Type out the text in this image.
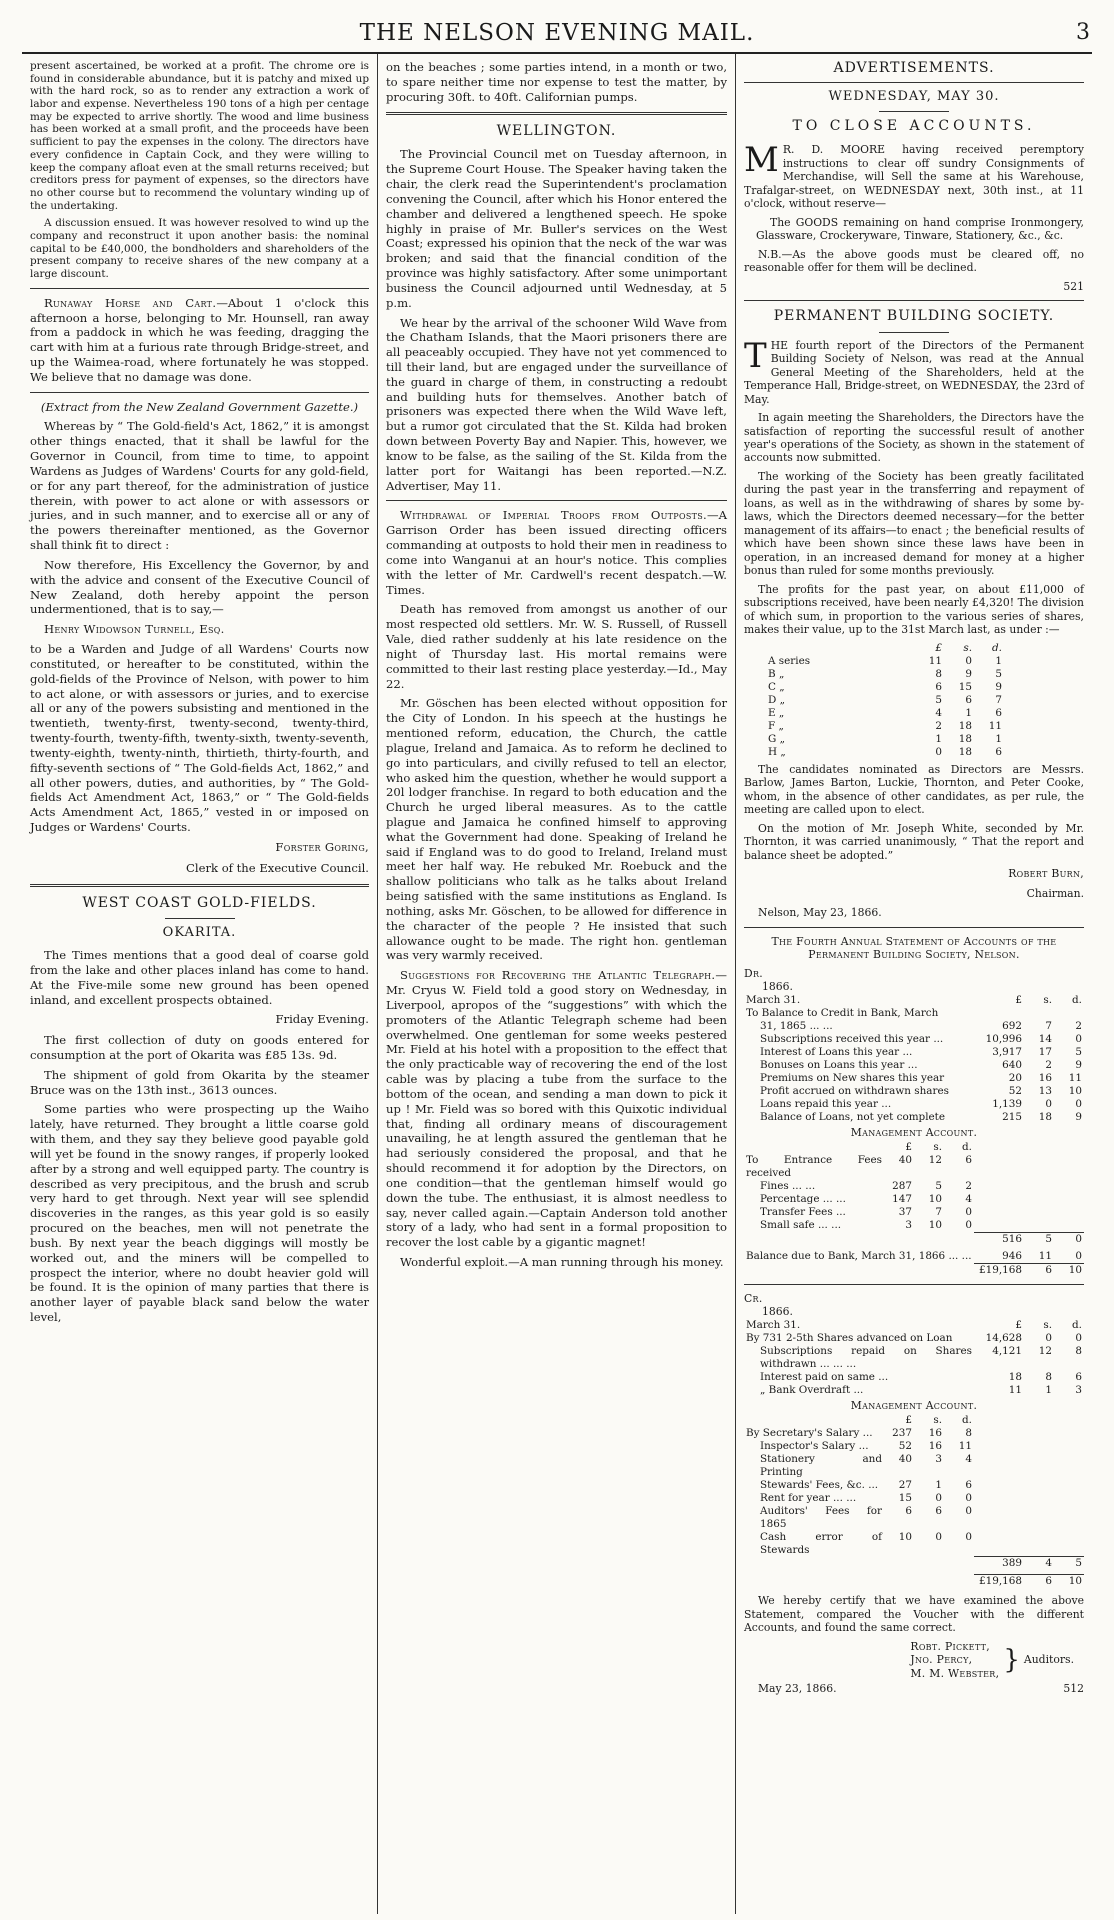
THE NELSON EVENING MAIL.	3

present ascertained, be worked at a profit. The chrome ore is found in considerable abundance, but it is patchy and mixed up with the hard rock, so as to render any extraction a work of labor and expense. Nevertheless 190 tons of a high per centage may be expected to arrive shortly. The wood and lime business has been worked at a small profit, and the proceeds have been sufficient to pay the expenses in the colony. The directors have every confidence in Captain Cock, and they were willing to keep the company afloat even at the small returns received; but creditors press for payment of expenses, so the directors have no other course but to recommend the voluntary winding up of the undertaking.

A discussion ensued. It was however resolved to wind up the company and reconstruct it upon another basis: the nominal capital to be £40,000, the bondholders and shareholders of the present company to receive shares of the new company at a large discount.

Runaway Horse and Cart.—About 1 o'clock this afternoon a horse, belonging to Mr. Hounsell, ran away from a paddock in which he was feeding, dragging the cart with him at a furious rate through Bridge-street, and up the Waimea-road, where fortunately he was stopped. We believe that no damage was done.

(Extract from the New Zealand Government Gazette.)

Whereas by “ The Gold-field's Act, 1862,” it is amongst other things enacted, that it shall be lawful for the Governor in Council, from time to time, to appoint Wardens as Judges of Wardens' Courts for any gold-field, or for any part thereof, for the administration of justice therein, with power to act alone or with assessors or juries, and in such manner, and to exercise all or any of the powers thereinafter mentioned, as the Governor shall think fit to direct :

Now therefore, His Excellency the Governor, by and with the advice and consent of the Executive Council of New Zealand, doth hereby appoint the person undermentioned, that is to say,—

Henry Widowson Turnell, Esq.

to be a Warden and Judge of all Wardens' Courts now constituted, or hereafter to be constituted, within the gold-fields of the Province of Nelson, with power to him to act alone, or with assessors or juries, and to exercise all or any of the powers subsisting and mentioned in the twentieth, twenty-first, twenty-second, twenty-third, twenty-fourth, twenty-fifth, twenty-sixth, twenty-seventh, twenty-eighth, twenty-ninth, thirtieth, thirty-fourth, and fifty-seventh sections of “ The Gold-fields Act, 1862,” and all other powers, duties, and authorities, by “ The Gold-fields Act Amendment Act, 1863,” or “ The Gold-fields Acts Amendment Act, 1865,” vested in or imposed on Judges or Wardens' Courts.

Forster Goring,
Clerk of the Executive Council.
WEST COAST GOLD-FIELDS.
OKARITA.

The Times mentions that a good deal of coarse gold from the lake and other places inland has come to hand. At the Five-mile some new ground has been opened inland, and excellent prospects obtained.

Friday Evening.

The first collection of duty on goods entered for consumption at the port of Okarita was £85 13s. 9d.

The shipment of gold from Okarita by the steamer Bruce was on the 13th inst., 3613 ounces.

Some parties who were prospecting up the Waiho lately, have returned. They brought a little coarse gold with them, and they say they believe good payable gold will yet be found in the snowy ranges, if properly looked after by a strong and well equipped party. The country is described as very precipitous, and the brush and scrub very hard to get through. Next year will see splendid discoveries in the ranges, as this year gold is so easily procured on the beaches, men will not penetrate the bush. By next year the beach diggings will mostly be worked out, and the miners will be compelled to prospect the interior, where no doubt heavier gold will be found. It is the opinion of many parties that there is another layer of payable black sand below the water level,

on the beaches ; some parties intend, in a month or two, to spare neither time nor expense to test the matter, by procuring 30ft. to 40ft. Californian pumps.

WELLINGTON.

The Provincial Council met on Tuesday afternoon, in the Supreme Court House. The Speaker having taken the chair, the clerk read the Superintendent's proclamation convening the Council, after which his Honor entered the chamber and delivered a lengthened speech. He spoke highly in praise of Mr. Buller's services on the West Coast; expressed his opinion that the neck of the war was broken; and said that the financial condition of the province was highly satisfactory. After some unimportant business the Council adjourned until Wednesday, at 5 p.m.

We hear by the arrival of the schooner Wild Wave from the Chatham Islands, that the Maori prisoners there are all peaceably occupied. They have not yet commenced to till their land, but are engaged under the surveillance of the guard in charge of them, in constructing a redoubt and building huts for themselves. Another batch of prisoners was expected there when the Wild Wave left, but a rumor got circulated that the St. Kilda had broken down between Poverty Bay and Napier. This, however, we know to be false, as the sailing of the St. Kilda from the latter port for Waitangi has been reported.—N.Z. Advertiser, May 11.

Withdrawal of Imperial Troops from Outposts.—A Garrison Order has been issued directing officers commanding at outposts to hold their men in readiness to come into Wanganui at an hour's notice. This complies with the letter of Mr. Cardwell's recent despatch.—W. Times.

Death has removed from amongst us another of our most respected old settlers. Mr. W. S. Russell, of Russell Vale, died rather suddenly at his late residence on the night of Thursday last. His mortal remains were committed to their last resting place yesterday.—Id., May 22.

Mr. Göschen has been elected without opposition for the City of London. In his speech at the hustings he mentioned reform, education, the Church, the cattle plague, Ireland and Jamaica. As to reform he declined to go into particulars, and civilly refused to tell an elector, who asked him the question, whether he would support a 20l lodger franchise. In regard to both education and the Church he urged liberal measures. As to the cattle plague and Jamaica he confined himself to approving what the Government had done. Speaking of Ireland he said if England was to do good to Ireland, Ireland must meet her half way. He rebuked Mr. Roebuck and the shallow politicians who talk as he talks about Ireland being satisfied with the same institutions as England. Is nothing, asks Mr. Göschen, to be allowed for difference in the character of the people ? He insisted that such allowance ought to be made. The right hon. gentleman was very warmly received.

Suggestions for Recovering the Atlantic Telegraph.—Mr. Cryus W. Field told a good story on Wednesday, in Liverpool, apropos of the “suggestions” with which the promoters of the Atlantic Telegraph scheme had been overwhelmed. One gentleman for some weeks pestered Mr. Field at his hotel with a proposition to the effect that the only practicable way of recovering the end of the lost cable was by placing a tube from the surface to the bottom of the ocean, and sending a man down to pick it up ! Mr. Field was so bored with this Quixotic individual that, finding all ordinary means of discouragement unavailing, he at length assured the gentleman that he had seriously considered the proposal, and that he should recommend it for adoption by the Directors, on one condition—that the gentleman himself would go down the tube. The enthusiast, it is almost needless to say, never called again.—Captain Anderson told another story of a lady, who had sent in a formal proposition to recover the lost cable by a gigantic magnet!

Wonderful exploit.—A man running through his money.

ADVERTISEMENTS.
WEDNESDAY, MAY 30.
TO CLOSE ACCOUNTS.

M R. D. MOORE having received peremptory instructions to clear off sundry Consignments of Merchandise, will Sell the same at his Warehouse, Trafalgar-street, on WEDNESDAY next, 30th inst., at 11 o'clock, without reserve—

The GOODS remaining on hand comprise Ironmongery, Glassware, Crockeryware, Tinware, Stationery, &c., &c.

N.B.—As the above goods must be cleared off, no reasonable offer for them will be declined.

521
PERMANENT BUILDING SOCIETY.

THE fourth report of the Directors of the Permanent Building Society of Nelson, was read at the Annual General Meeting of the Shareholders, held at the Temperance Hall, Bridge-street, on WEDNESDAY, the 23rd of May.

In again meeting the Shareholders, the Directors have the satisfaction of reporting the successful result of another year's operations of the Society, as shown in the statement of accounts now submitted.

The working of the Society has been greatly facilitated during the past year in the transferring and repayment of loans, as well as in the withdrawing of shares by some by-laws, which the Directors deemed necessary—for the better management of its affairs—to enact ; the beneficial results of which have been shown since these laws have been in operation, in an increased demand for money at a higher bonus than ruled for some months previously.

The profits for the past year, on about £11,000 of subscriptions received, have been nearly £4,320! The division of which sum, in proportion to the various series of shares, makes their value, up to the 31st March last, as under :—

	£	s.	d.
A series	11	0	1
B „	8	9	5
C „	6	15	9
D „	5	6	7
E „	4	1	6
F „	2	18	11
G „	1	18	1
H „	0	18	6

The candidates nominated as Directors are Messrs. Barlow, James Barton, Luckie, Thornton, and Peter Cooke, whom, in the absence of other candidates, as per rule, the meeting are called upon to elect.

On the motion of Mr. Joseph White, seconded by Mr. Thornton, it was carried unanimously, “ That the report and balance sheet be adopted.”

Robert Burn,
Chairman.
Nelson, May 23, 1866.

The Fourth Annual Statement of Accounts of the Permanent Building Society, Nelson.

Dr.
1866.
March 31.	£	s.	d.
To Balance to Credit in Bank, March			
31, 1865 ... ...	692	7	2
Subscriptions received this year ...	10,996	14	0
Interest of Loans this year ...	3,917	17	5
Bonuses on Loans this year ...	640	2	9
Premiums on New shares this year	20	16	11
Profit accrued on withdrawn shares	52	13	10
Loans repaid this year ...	1,139	0	0
Balance of Loans, not yet complete	215	18	9
Management Account.
	£	s.	d.			
To Entrance Fees received	40	12	6			
Fines ... ...	287	5	2			
Percentage ... ...	147	10	4			
Transfer Fees ...	37	7	0			
Small safe ... ...	3	10	0			
				516	5	0
Balance due to Bank, March 31, 1866 ... ...	946	11	0
	£19,168	6	10
Cr.
1866.
March 31.	£	s.	d.
By 731 2-5th Shares advanced on Loan	14,628	0	0
Subscriptions repaid on Shares withdrawn ... ... ...	4,121	12	8
Interest paid on same ...	18	8	6
„ Bank Overdraft ...	11	1	3
Management Account.
	£	s.	d.			
By Secretary's Salary ...	237	16	8			
Inspector's Salary ...	52	16	11			
Stationery and Printing	40	3	4			
Stewards' Fees, &c. ...	27	1	6			
Rent for year ... ...	15	0	0			
Auditors' Fees for 1865	6	6	0			
Cash error of Stewards	10	0	0			
				389	4	5
	£19,168	6	10

We hereby certify that we have examined the above Statement, compared the Voucher with the different Accounts, and found the same correct.

Robt. Pickett,
Jno. Percy,
M. M. Webster, } Auditors.
May 23, 1866.	512
